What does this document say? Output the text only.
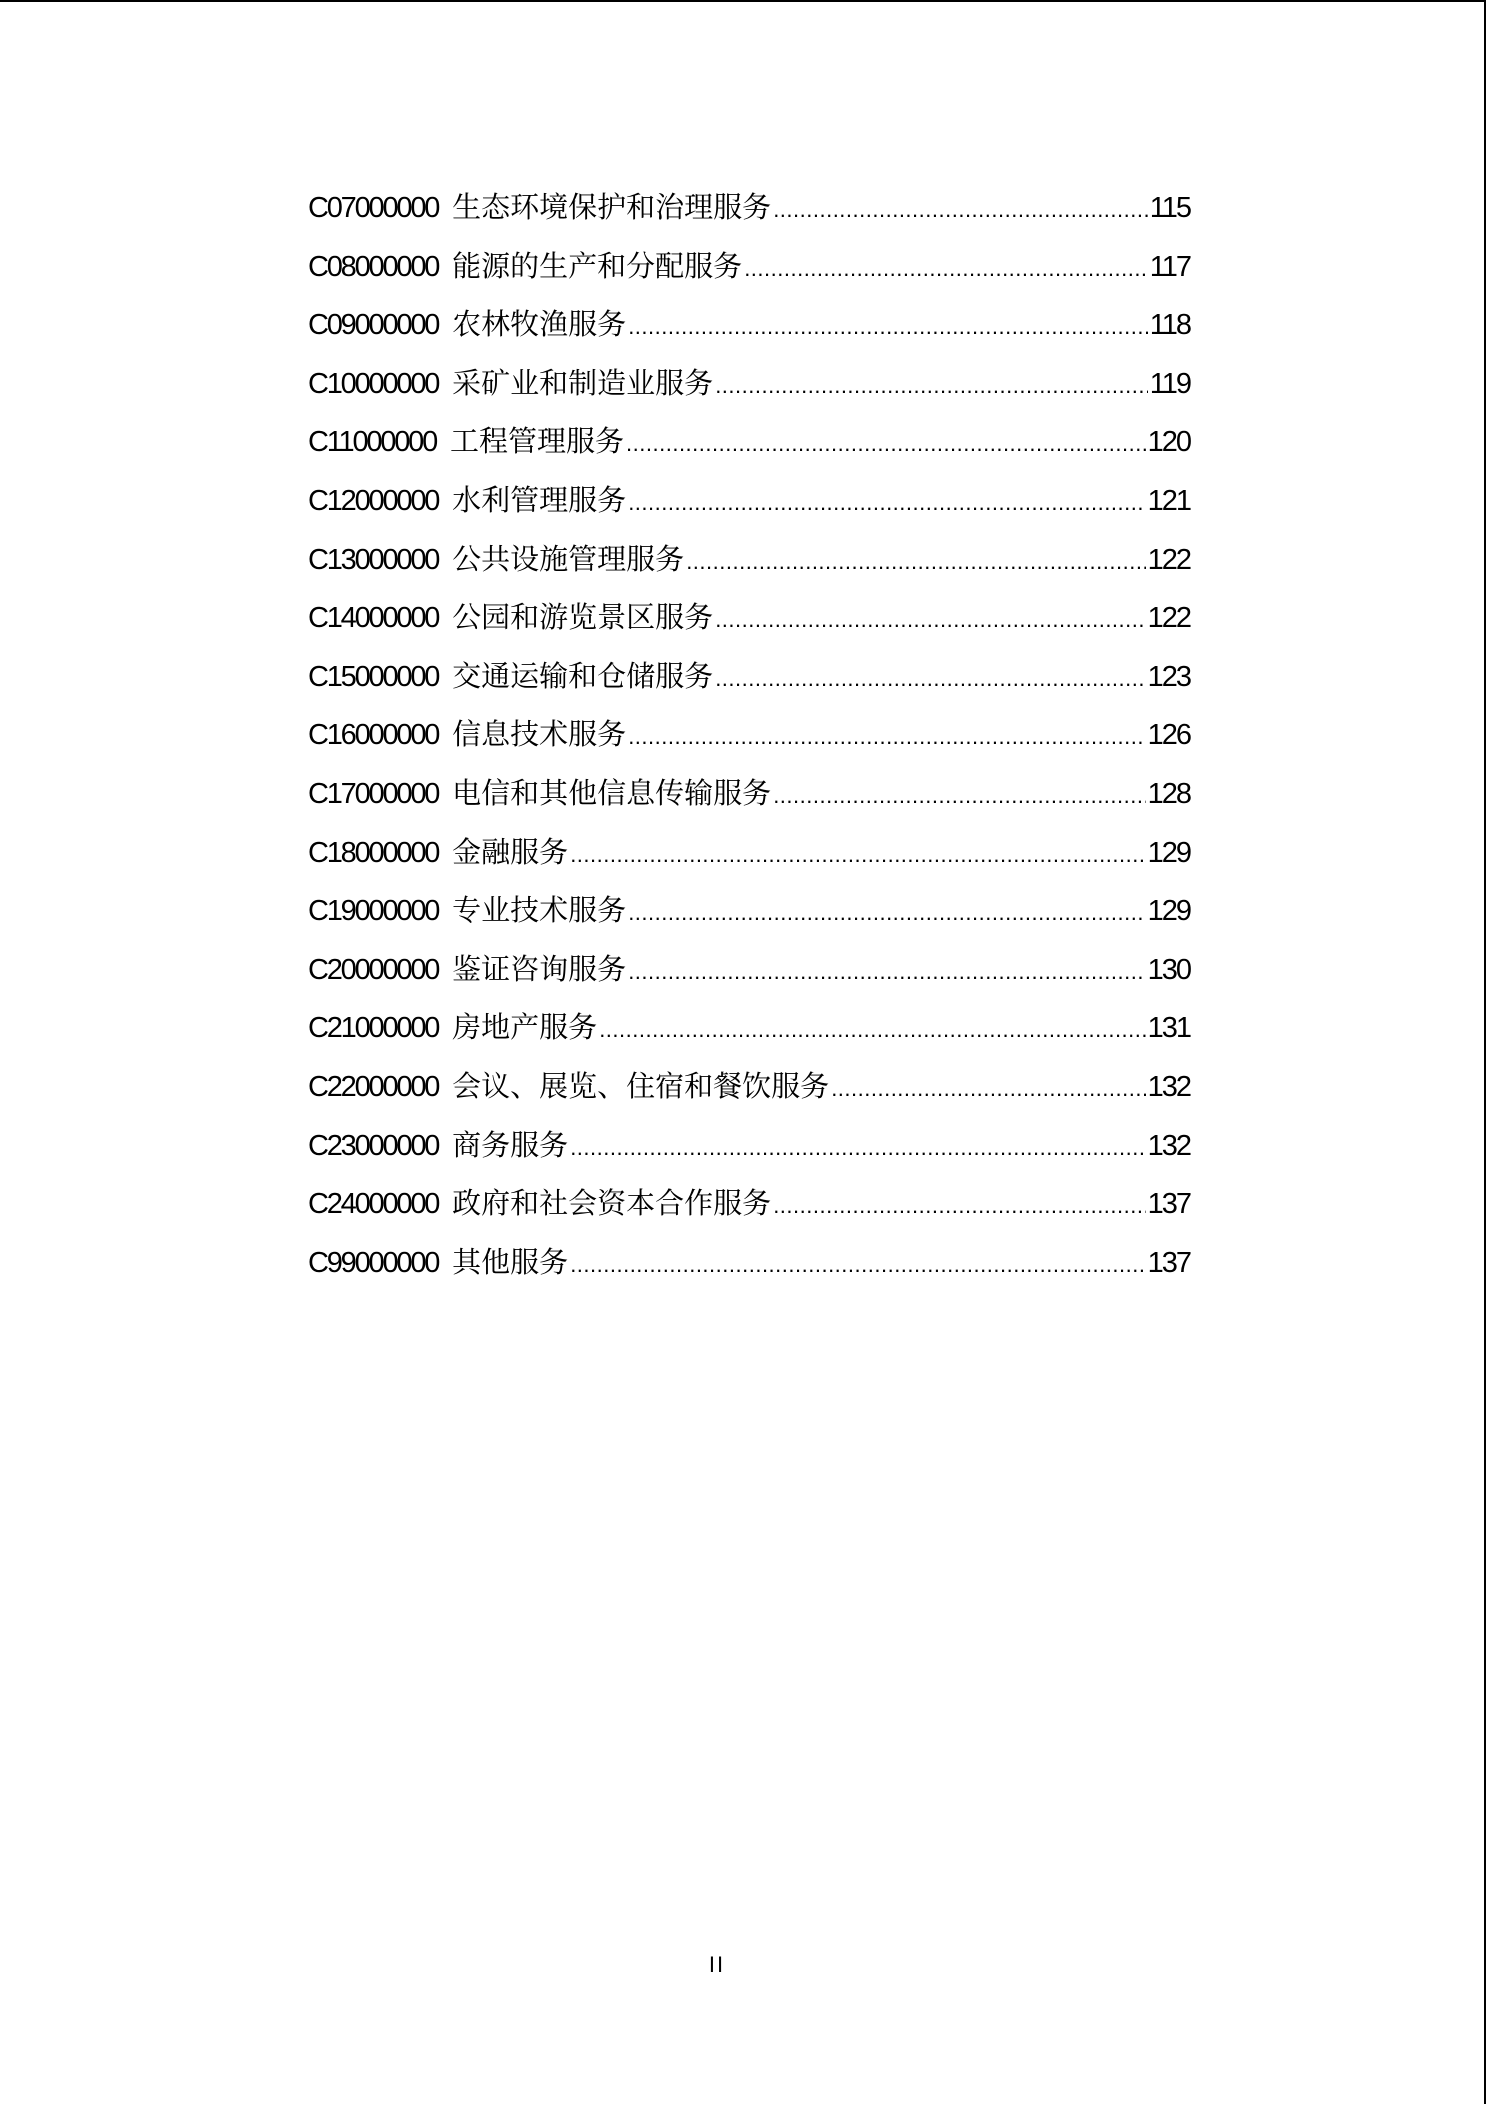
C07000000 生态环境保护和治理服务 .....	115
C08000000 能源的生产和分配服务 .....	117
C09000000 农林牧渔服务 .....	118
C10000000 采矿业和制造业服务 .....	119
C11000000 工程管理服务 .....	120
C12000000 水利管理服务 .....	121
C13000000 公共设施管理服务 .....	122
C14000000 公园和游览景区服务 .....	122
C15000000 交通运输和仓储服务 .....	123
C16000000 信息技术服务 .....	126
C17000000 电信和其他信息传输服务 .....	128
C18000000 金融服务 .....	129
C19000000 专业技术服务 .....	129
C20000000 鉴证咨询服务 .....	130
C21000000 房地产服务 .....	131
C22000000 会议、展览、住宿和餐饮服务 .....	132
C23000000 商务服务 .....	132
C24000000 政府和社会资本合作服务 .....	137
C99000000 其他服务 .....	137
II
